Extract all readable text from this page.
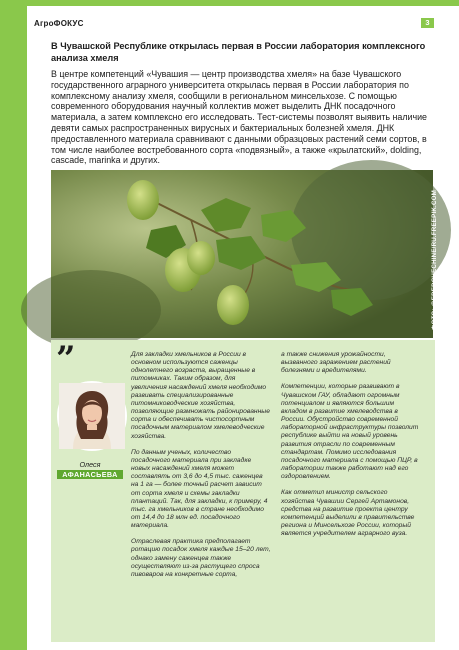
АгроФОКУС	3
В Чувашской Республике открылась первая в России лаборатория комплексного анализа хмеля
В центре компетенций «Чувашия — центр производства хмеля» на базе Чувашского государственного аграрного университета открылась первая в России лаборатория по комплексному анализу хмеля, сообщили в региональном минсельхозе. С помощью современного оборудования научный коллектив может выделить ДНК посадочного материала, а затем комплексно его исследовать. Тест-системы позволят выявить наличие девяти самых распространенных вирусных и бактериальных болезней хмеля. ДНК предоставленного материала сравнивают с данными образцовых растений семи сортов, в том числе наиболее востребованного сорта «подвязный», а также «крылатский», dolding, cascade, marinka и других.
ФОТО: @EDEDCHECHINE/RU.FREEPIK.COM
”
Олеся
АФАНАСЬЕВА

Для закладки хмельников в России в основном используются саженцы однолетнего возраста, выращенные в питомниках. Таким образом, для увеличения насаждений хмеля необходимо развивать специализированные питомниководческие хозяйства, позволяющие размножать районированные сорта и обеспечивать чистосортным посадочным материалом хмелеводческие хозяйства.

По данным ученых, количество посадочного материала при закладке новых насаждений хмеля может составлять от 3,6 до 4,5 тыс. саженцев на 1 га — более точный расчет зависит от сорта хмеля и схемы закладки плантаций. Так, для закладки, к примеру, 4 тыс. га хмельников в стране необходимо от 14,4 до 18 млн ед. посадочного материала.

Отраслевая практика предполагает ротацию посадок хмеля каждые 15–20 лет, однако замену саженцев также осуществляют из-за растущего спроса пивоваров на конкретные сорта,

а также снижения урожайности, вызванного заражением растений болезнями и вредителями.

Компетенции, которые развивают в Чувашском ГАУ, обладают огромным потенциалом и являются большим вкладом в развитие хмелеводства в России. Обустройство современной лабораторной инфраструктуры позволит республике выйти на новый уровень развития отрасли по современным стандартам. Помимо исследования посадочного материала с помощью ПЦР, в лаборатории также работают над его оздоровлением.

Как отметил министр сельского хозяйства Чувашии Сергей Артамонов, средства на развитие проекта центру компетенций выделили в правительстве региона и Минсельхозе России, который является учредителем аграрного вуза.
